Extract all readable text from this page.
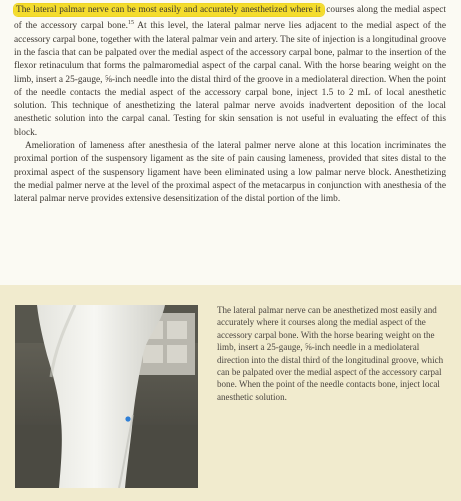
The lateral palmar nerve can be most easily and accurately anesthetized where it courses along the medial aspect of the accessory carpal bone.$^{15}$ At this level, the lateral palmar nerve lies adjacent to the medial aspect of the accessory carpal bone, together with the lateral palmar vein and artery. The site of injection is a longitudinal groove in the fascia that can be palpated over the medial aspect of the accessory carpal bone, palmar to the insertion of the flexor retinaculum that forms the palmaromedial aspect of the carpal canal. With the horse bearing weight on the limb, insert a 25-gauge, ⅝-inch needle into the distal third of the groove in a mediolateral direction. When the point of the needle contacts the medial aspect of the accessory carpal bone, inject 1.5 to 2 mL of local anesthetic solution. This technique of anesthetizing the lateral palmar nerve avoids inadvertent deposition of the local anesthetic solution into the carpal canal. Testing for skin sensation is not useful in evaluating the effect of this block.

Amelioration of lameness after anesthesia of the lateral palmer nerve alone at this location incriminates the proximal portion of the suspensory ligament as the site of pain causing lameness, provided that sites distal to the proximal aspect of the suspensory ligament have been eliminated using a low palmar nerve block. Anesthetizing the medial palmer nerve at the level of the proximal aspect of the metacarpus in conjunction with anesthesia of the lateral palmar nerve provides extensive desensitization of the distal portion of the limb.

The lateral palmar nerve can be anesthetized most easily and accurately where it courses along the medial aspect of the accessory carpal bone. With the horse bearing weight on the limb, insert a 25-gauge, ⅝-inch needle in a mediolateral direction into the distal third of the longitudinal groove, which can be palpated over the medial aspect of the accessory carpal bone. When the point of the needle contacts bone, inject local anesthetic solution.
